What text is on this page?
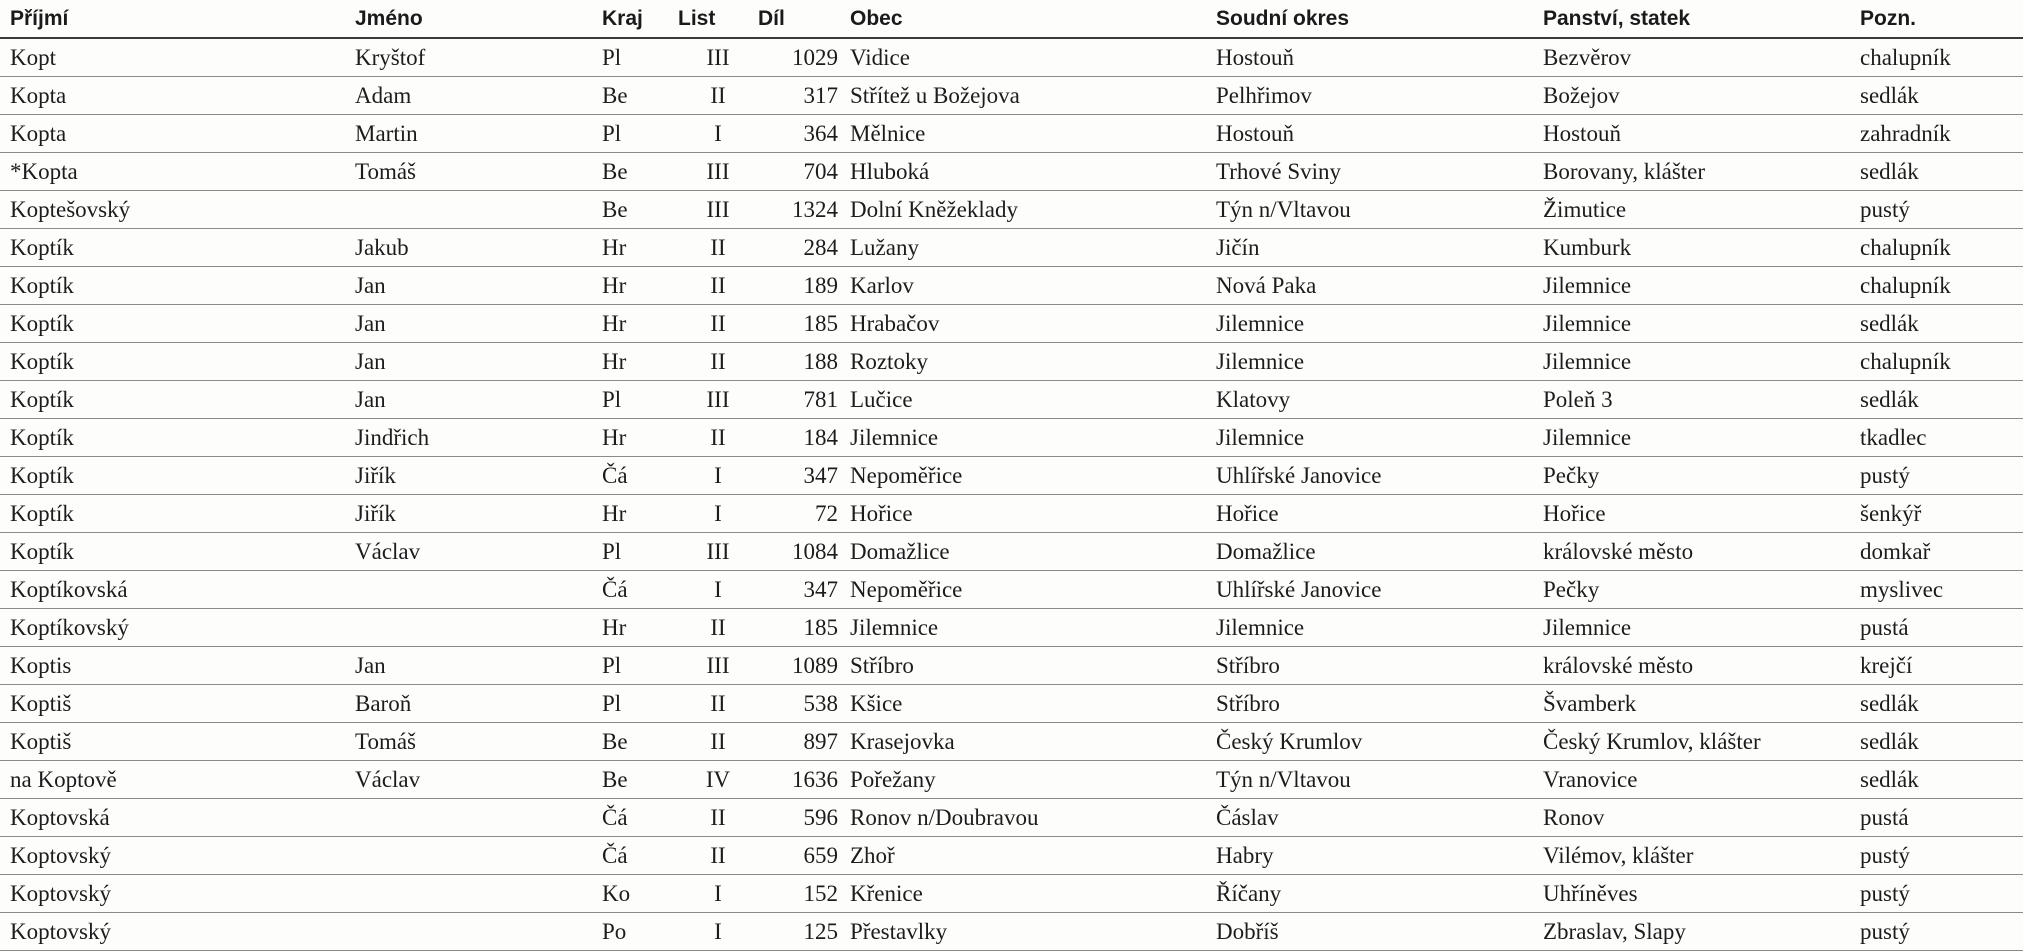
Příjmí	Jméno	Kraj	List	Díl	Obec	Soudní okres	Panství, statek	Pozn.
Kopt	Kryštof	Pl	III	1029	Vidice	Hostouň	Bezvěrov	chalupník
Kopta	Adam	Be	II	317	Střítež u Božejova	Pelhřimov	Božejov	sedlák
Kopta	Martin	Pl	I	364	Mělnice	Hostouň	Hostouň	zahradník
*Kopta	Tomáš	Be	III	704	Hluboká	Trhové Sviny	Borovany, klášter	sedlák
Koptešovský		Be	III	1324	Dolní Kněžeklady	Týn n/Vltavou	Žimutice	pustý
Koptík	Jakub	Hr	II	284	Lužany	Jičín	Kumburk	chalupník
Koptík	Jan	Hr	II	189	Karlov	Nová Paka	Jilemnice	chalupník
Koptík	Jan	Hr	II	185	Hrabačov	Jilemnice	Jilemnice	sedlák
Koptík	Jan	Hr	II	188	Roztoky	Jilemnice	Jilemnice	chalupník
Koptík	Jan	Pl	III	781	Lučice	Klatovy	Poleň 3	sedlák
Koptík	Jindřich	Hr	II	184	Jilemnice	Jilemnice	Jilemnice	tkadlec
Koptík	Jiřík	Čá	I	347	Nepoměřice	Uhlířské Janovice	Pečky	pustý
Koptík	Jiřík	Hr	I	72	Hořice	Hořice	Hořice	šenkýř
Koptík	Václav	Pl	III	1084	Domažlice	Domažlice	královské město	domkař
Koptíkovská		Čá	I	347	Nepoměřice	Uhlířské Janovice	Pečky	myslivec
Koptíkovský		Hr	II	185	Jilemnice	Jilemnice	Jilemnice	pustá
Koptis	Jan	Pl	III	1089	Stříbro	Stříbro	královské město	krejčí
Koptiš	Baroň	Pl	II	538	Kšice	Stříbro	Švamberk	sedlák
Koptiš	Tomáš	Be	II	897	Krasejovka	Český Krumlov	Český Krumlov, klášter	sedlák
na Koptově	Václav	Be	IV	1636	Pořežany	Týn n/Vltavou	Vranovice	sedlák
Koptovská		Čá	II	596	Ronov n/Doubravou	Čáslav	Ronov	pustá
Koptovský		Čá	II	659	Zhoř	Habry	Vilémov, klášter	pustý
Koptovský		Ko	I	152	Křenice	Říčany	Uhříněves	pustý
Koptovský		Po	I	125	Přestavlky	Dobříš	Zbraslav, Slapy	pustý
